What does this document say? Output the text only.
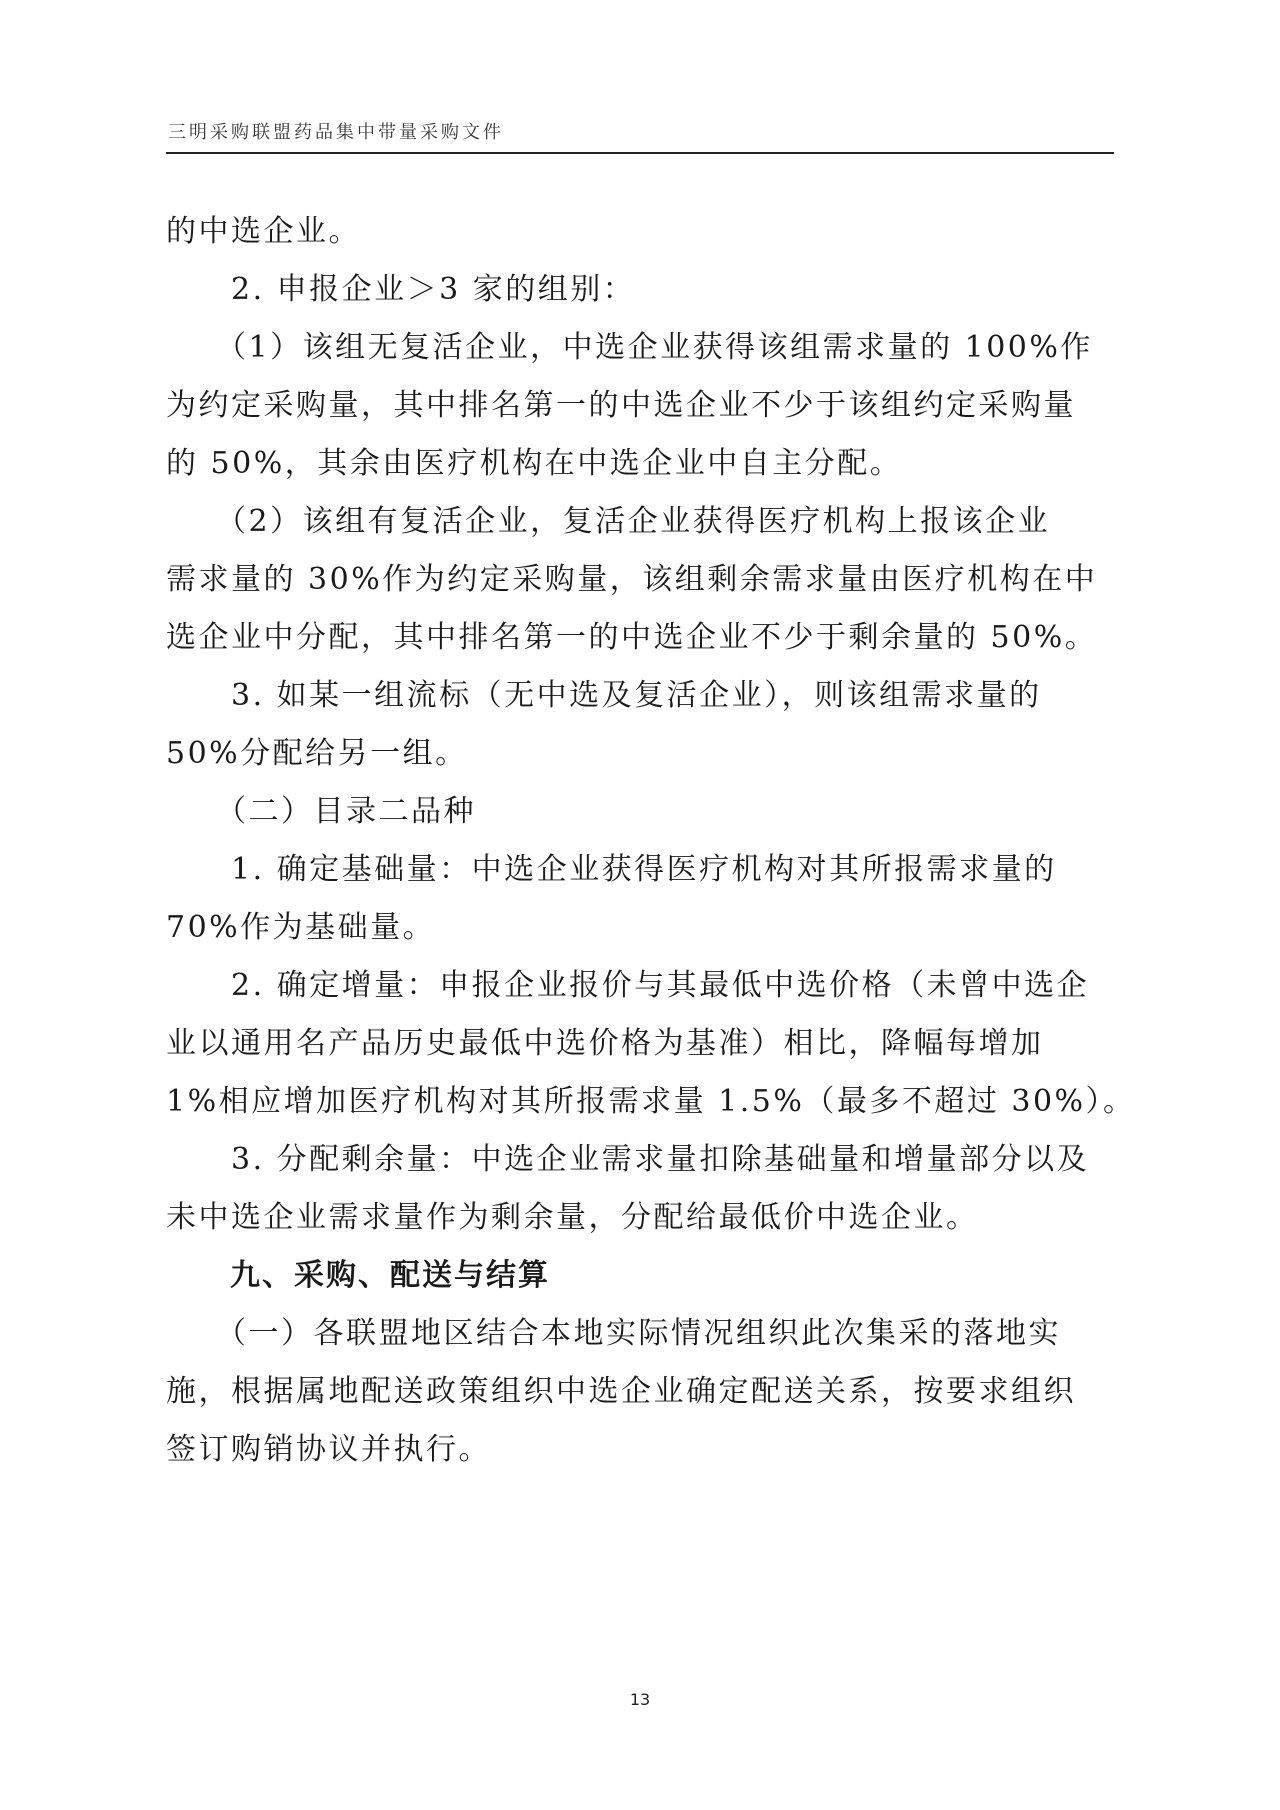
三明采购联盟药品集中带量采购文件
的中选企业。
　　2. 申报企业＞3 家的组别：
　　（1）该组无复活企业，中选企业获得该组需求量的 100%作
为约定采购量，其中排名第一的中选企业不少于该组约定采购量
的 50%，其余由医疗机构在中选企业中自主分配。
　　（2）该组有复活企业，复活企业获得医疗机构上报该企业
需求量的 30%作为约定采购量，该组剩余需求量由医疗机构在中
选企业中分配，其中排名第一的中选企业不少于剩余量的 50%。
　　3. 如某一组流标（无中选及复活企业），则该组需求量的
50%分配给另一组。
　　（二）目录二品种
　　1. 确定基础量：中选企业获得医疗机构对其所报需求量的
70%作为基础量。
　　2. 确定增量：申报企业报价与其最低中选价格（未曾中选企
业以通用名产品历史最低中选价格为基准）相比，降幅每增加
1%相应增加医疗机构对其所报需求量 1.5%（最多不超过 30%）。
　　3. 分配剩余量：中选企业需求量扣除基础量和增量部分以及
未中选企业需求量作为剩余量，分配给最低价中选企业。
　　九、采购、配送与结算
　　（一）各联盟地区结合本地实际情况组织此次集采的落地实
施，根据属地配送政策组织中选企业确定配送关系，按要求组织
签订购销协议并执行。
13
